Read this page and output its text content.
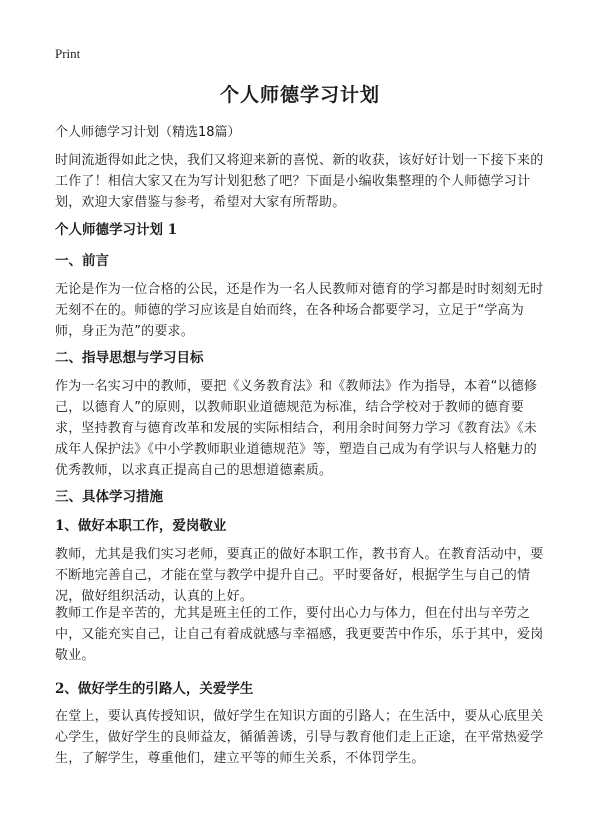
Print
个人师德学习计划

个人师德学习计划（精选18篇）

时间流逝得如此之快，我们又将迎来新的喜悦、新的收获，该好好计划一下接下来的工作了！相信大家又在为写计划犯愁了吧？下面是小编收集整理的个人师德学习计划，欢迎大家借鉴与参考，希望对大家有所帮助。

个人师德学习计划 1
一、前言

无论是作为一位合格的公民，还是作为一名人民教师对德育的学习都是时时刻刻无时无刻不在的。师德的学习应该是自始而终，在各种场合都要学习，立足于“学高为师，身正为范”的要求。

二、指导思想与学习目标

作为一名实习中的教师，要把《义务教育法》和《教师法》作为指导，本着“以德修己，以德育人”的原则，以教师职业道德规范为标准，结合学校对于教师的德育要求，坚持教育与德育改革和发展的实际相结合，利用余时间努力学习《教育法》《未成年人保护法》《中小学教师职业道德规范》等，塑造自己成为有学识与人格魅力的优秀教师，以求真正提高自己的思想道德素质。

三、具体学习措施
1、做好本职工作，爱岗敬业

教师，尤其是我们实习老师，要真正的做好本职工作，教书育人。在教育活动中，要不断地完善自己，才能在堂与教学中提升自己。平时要备好，根据学生与自己的情况，做好组织活动，认真的上好。

教师工作是辛苦的，尤其是班主任的工作，要付出心力与体力，但在付出与辛劳之中，又能充实自己，让自己有着成就感与幸福感，我更要苦中作乐，乐于其中，爱岗敬业。

2、做好学生的引路人，关爱学生

在堂上，要认真传授知识，做好学生在知识方面的引路人；在生活中，要从心底里关心学生，做好学生的良师益友，循循善诱，引导与教育他们走上正途，在平常热爱学生，了解学生，尊重他们，建立平等的师生关系，不体罚学生。
